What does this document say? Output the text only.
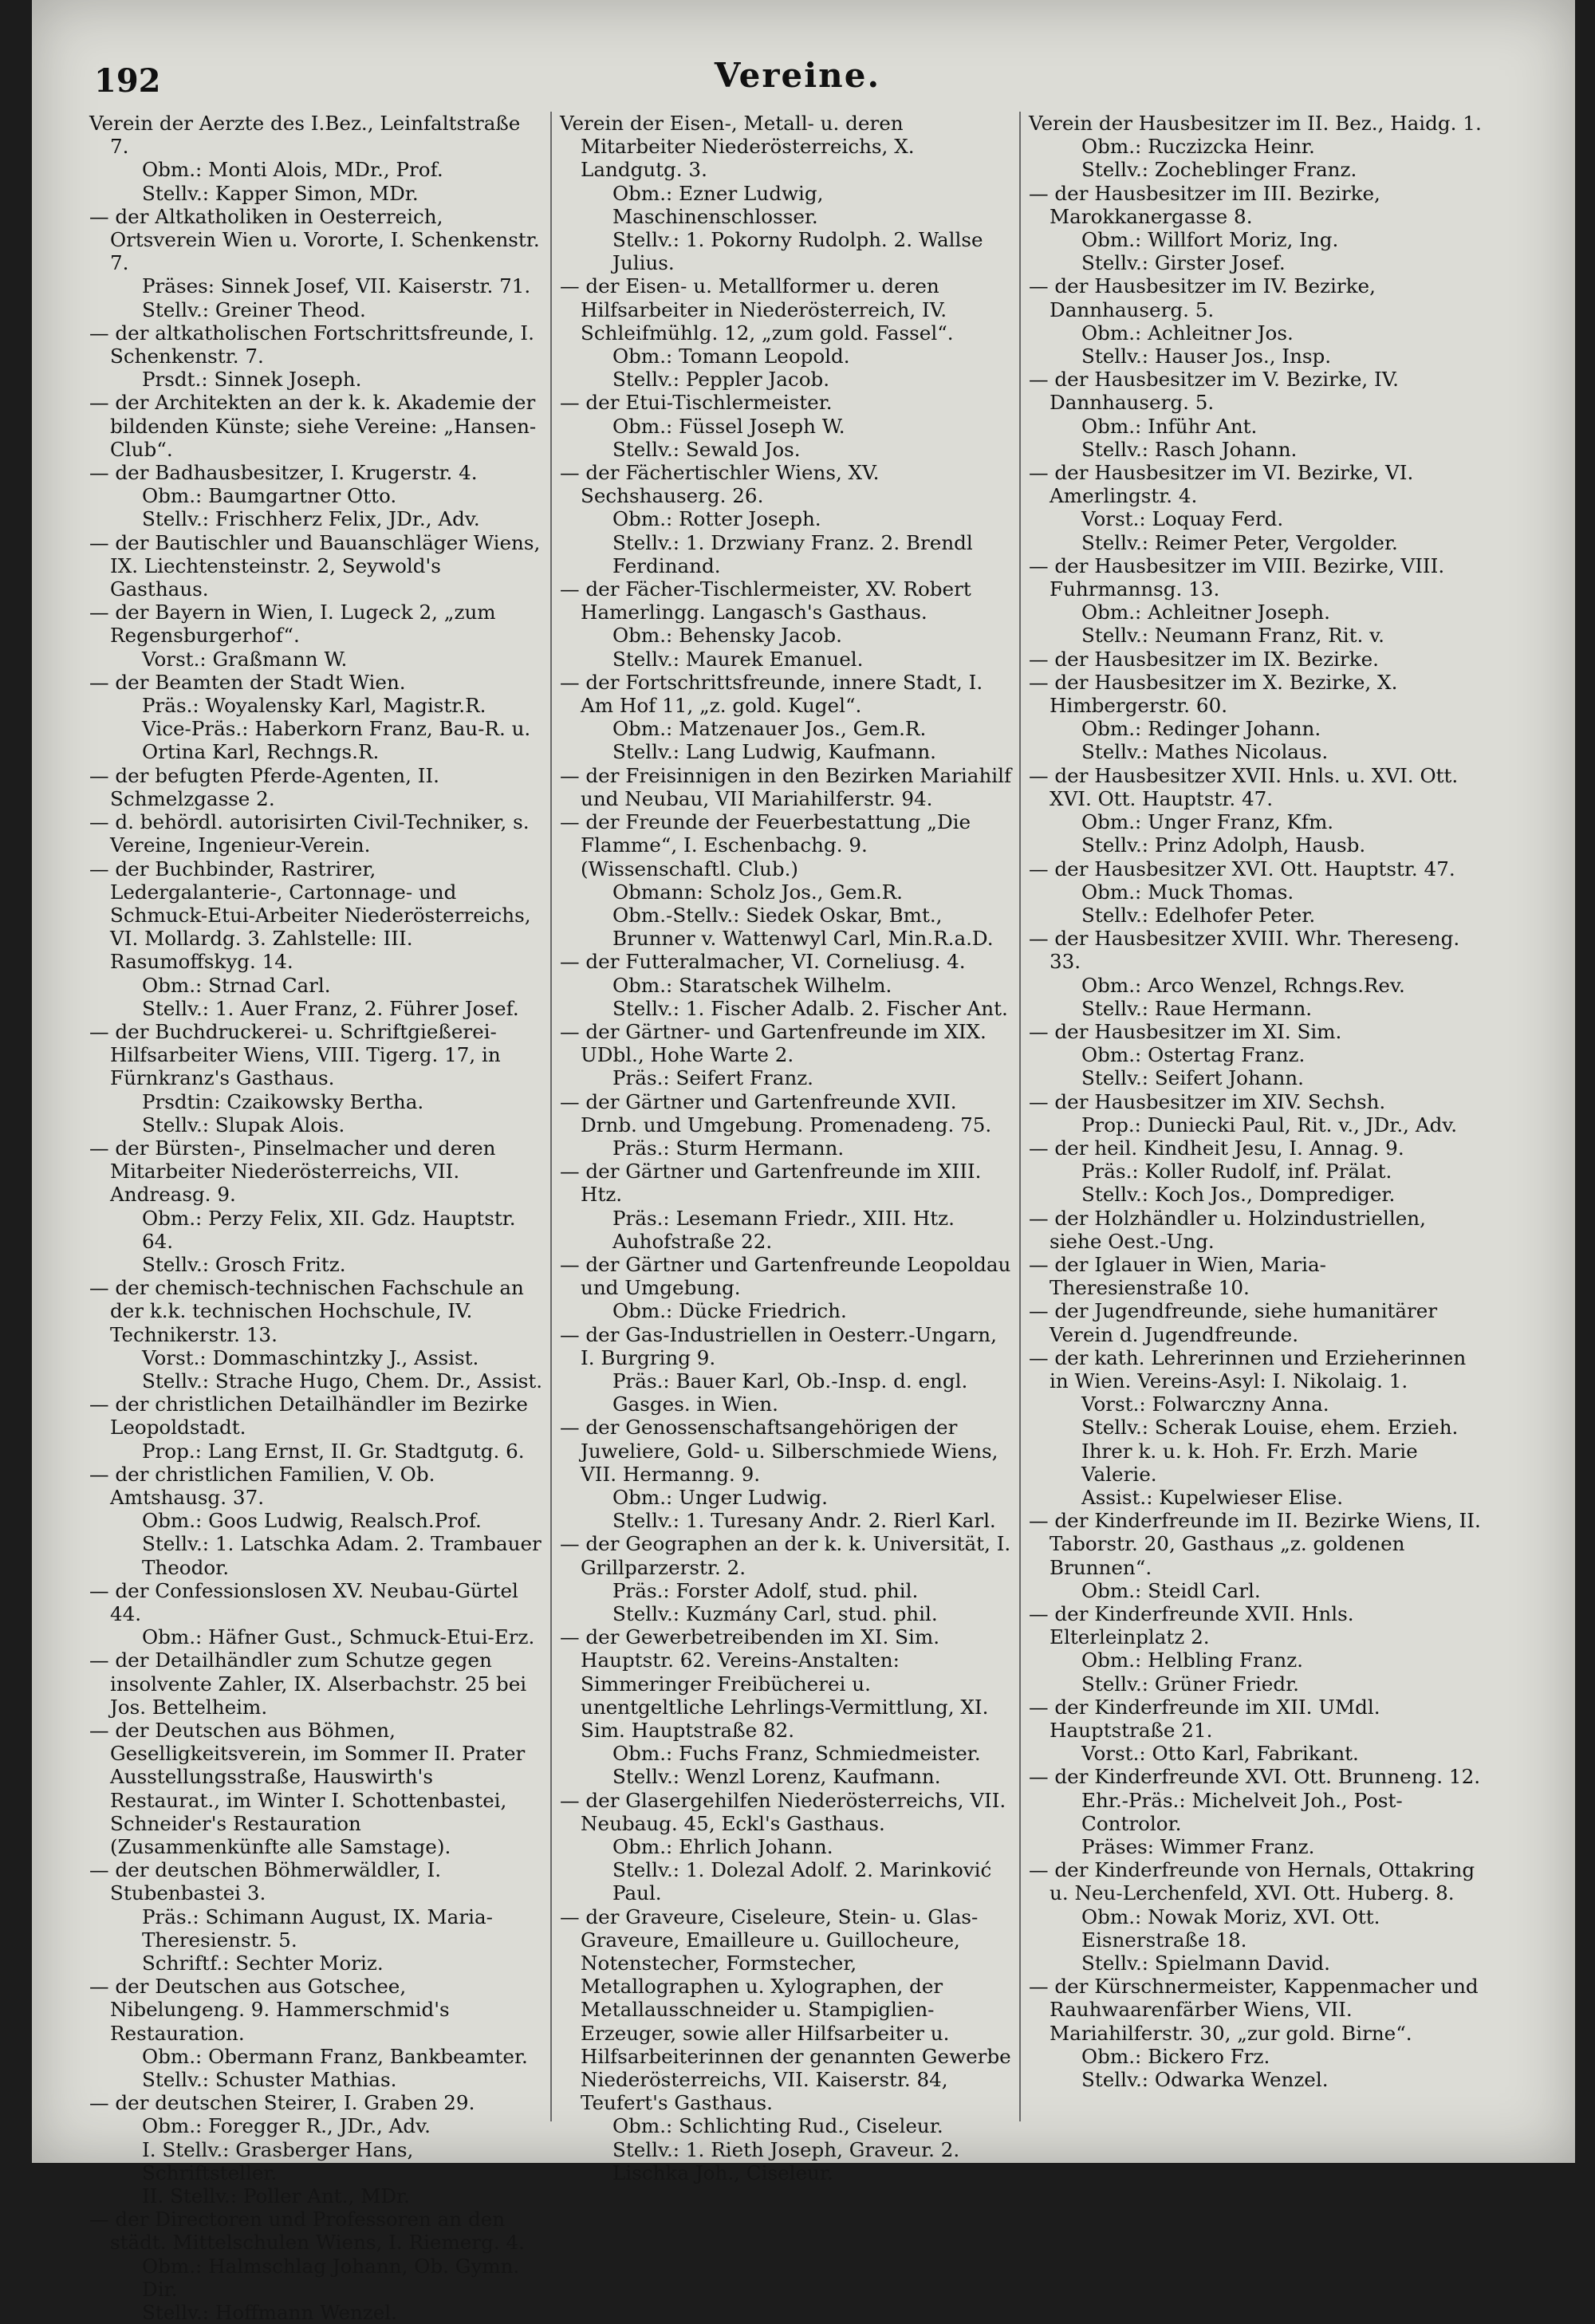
192	Vereine.
Verein der Aerzte des I.Bez., Leinfaltstraße 7.
Obm.: Monti Alois, MDr., Prof.
Stellv.: Kapper Simon, MDr.
— der Altkatholiken in Oesterreich, Ortsverein Wien u. Vororte, I. Schenkenstr. 7.
Präses: Sinnek Josef, VII. Kaiserstr. 71.
Stellv.: Greiner Theod.
— der altkatholischen Fortschrittsfreunde, I. Schenkenstr. 7.
Prsdt.: Sinnek Joseph.
— der Architekten an der k. k. Akademie der bildenden Künste; siehe Vereine: „Hansen-Club“.
— der Badhausbesitzer, I. Krugerstr. 4.
Obm.: Baumgartner Otto.
Stellv.: Frischherz Felix, JDr., Adv.
— der Bautischler und Bauanschläger Wiens, IX. Liechtensteinstr. 2, Seywold's Gasthaus.
— der Bayern in Wien, I. Lugeck 2, „zum Regensburgerhof“.
Vorst.: Graßmann W.
— der Beamten der Stadt Wien.
Präs.: Woyalensky Karl, Magistr.R.
Vice-Präs.: Haberkorn Franz, Bau-R. u. Ortina Karl, Rechngs.R.
— der befugten Pferde-Agenten, II. Schmelzgasse 2.
— d. behördl. autorisirten Civil-Techniker, s. Vereine, Ingenieur-Verein.
— der Buchbinder, Rastrirer, Ledergalanterie-, Cartonnage- und Schmuck-Etui-Arbeiter Niederösterreichs, VI. Mollardg. 3. Zahlstelle: III. Rasumoffskyg. 14.
Obm.: Strnad Carl.
Stellv.: 1. Auer Franz, 2. Führer Josef.
— der Buchdruckerei- u. Schriftgießerei-Hilfsarbeiter Wiens, VIII. Tigerg. 17, in Fürnkranz's Gasthaus.
Prsdtin: Czaikowsky Bertha.
Stellv.: Slupak Alois.
— der Bürsten-, Pinselmacher und deren Mitarbeiter Niederösterreichs, VII. Andreasg. 9.
Obm.: Perzy Felix, XII. Gdz. Hauptstr. 64.
Stellv.: Grosch Fritz.
— der chemisch-technischen Fachschule an der k.k. technischen Hochschule, IV. Technikerstr. 13.
Vorst.: Dommaschintzky J., Assist.
Stellv.: Strache Hugo, Chem. Dr., Assist.
— der christlichen Detailhändler im Bezirke Leopoldstadt.
Prop.: Lang Ernst, II. Gr. Stadtgutg. 6.
— der christlichen Familien, V. Ob. Amtshausg. 37.
Obm.: Goos Ludwig, Realsch.Prof.
Stellv.: 1. Latschka Adam. 2. Trambauer Theodor.
— der Confessionslosen XV. Neubau-Gürtel 44.
Obm.: Häfner Gust., Schmuck-Etui-Erz.
— der Detailhändler zum Schutze gegen insolvente Zahler, IX. Alserbachstr. 25 bei Jos. Bettelheim.
— der Deutschen aus Böhmen, Geselligkeitsverein, im Sommer II. Prater Ausstellungsstraße, Hauswirth's Restaurat., im Winter I. Schottenbastei, Schneider's Restauration (Zusammenkünfte alle Samstage).
— der deutschen Böhmerwäldler, I. Stubenbastei 3.
Präs.: Schimann August, IX. Maria-Theresienstr. 5.
Schriftf.: Sechter Moriz.
— der Deutschen aus Gotschee, Nibelungeng. 9. Hammerschmid's Restauration.
Obm.: Obermann Franz, Bankbeamter.
Stellv.: Schuster Mathias.
— der deutschen Steirer, I. Graben 29.
Obm.: Foregger R., JDr., Adv.
I. Stellv.: Grasberger Hans, Schriftsteller.
II. Stellv.: Poller Ant., MDr.
— der Directoren und Professoren an den städt. Mittelschulen Wiens, I. Riemerg. 4.
Obm.: Halmschlag Johann, Ob. Gymn. Dir.
Stellv.: Hoffmann Wenzel.
Verein der Eisen-, Metall- u. deren Mitarbeiter Niederösterreichs, X. Landgutg. 3.
Obm.: Ezner Ludwig, Maschinenschlosser.
Stellv.: 1. Pokorny Rudolph. 2. Wallse Julius.
— der Eisen- u. Metallformer u. deren Hilfsarbeiter in Niederösterreich, IV. Schleifmühlg. 12, „zum gold. Fassel“.
Obm.: Tomann Leopold.
Stellv.: Peppler Jacob.
— der Etui-Tischlermeister.
Obm.: Füssel Joseph W.
Stellv.: Sewald Jos.
— der Fächertischler Wiens, XV. Sechshauserg. 26.
Obm.: Rotter Joseph.
Stellv.: 1. Drzwiany Franz. 2. Brendl Ferdinand.
— der Fächer-Tischlermeister, XV. Robert Hamerlingg. Langasch's Gasthaus.
Obm.: Behensky Jacob.
Stellv.: Maurek Emanuel.
— der Fortschrittsfreunde, innere Stadt, I. Am Hof 11, „z. gold. Kugel“.
Obm.: Matzenauer Jos., Gem.R.
Stellv.: Lang Ludwig, Kaufmann.
— der Freisinnigen in den Bezirken Mariahilf und Neubau, VII Mariahilferstr. 94.
— der Freunde der Feuerbestattung „Die Flamme“, I. Eschenbachg. 9. (Wissenschaftl. Club.)
Obmann: Scholz Jos., Gem.R.
Obm.-Stellv.: Siedek Oskar, Bmt., Brunner v. Wattenwyl Carl, Min.R.a.D.
— der Futteralmacher, VI. Corneliusg. 4.
Obm.: Staratschek Wilhelm.
Stellv.: 1. Fischer Adalb. 2. Fischer Ant.
— der Gärtner- und Gartenfreunde im XIX. UDbl., Hohe Warte 2.
Präs.: Seifert Franz.
— der Gärtner und Gartenfreunde XVII. Drnb. und Umgebung. Promenadeng. 75.
Präs.: Sturm Hermann.
— der Gärtner und Gartenfreunde im XIII. Htz.
Präs.: Lesemann Friedr., XIII. Htz. Auhofstraße 22.
— der Gärtner und Gartenfreunde Leopoldau und Umgebung.
Obm.: Dücke Friedrich.
— der Gas-Industriellen in Oesterr.-Ungarn, I. Burgring 9.
Präs.: Bauer Karl, Ob.-Insp. d. engl. Gasges. in Wien.
— der Genossenschaftsangehörigen der Juweliere, Gold- u. Silberschmiede Wiens, VII. Hermanng. 9.
Obm.: Unger Ludwig.
Stellv.: 1. Turesany Andr. 2. Rierl Karl.
— der Geographen an der k. k. Universität, I. Grillparzerstr. 2.
Präs.: Forster Adolf, stud. phil.
Stellv.: Kuzmány Carl, stud. phil.
— der Gewerbetreibenden im XI. Sim. Hauptstr. 62. Vereins-Anstalten: Simmeringer Freibücherei u. unentgeltliche Lehrlings-Vermittlung, XI. Sim. Hauptstraße 82.
Obm.: Fuchs Franz, Schmiedmeister.
Stellv.: Wenzl Lorenz, Kaufmann.
— der Glasergehilfen Niederösterreichs, VII. Neubaug. 45, Eckl's Gasthaus.
Obm.: Ehrlich Johann.
Stellv.: 1. Dolezal Adolf. 2. Marinković Paul.
— der Graveure, Ciseleure, Stein- u. Glas-Graveure, Emailleure u. Guillocheure, Notenstecher, Formstecher, Metallographen u. Xylographen, der Metallausschneider u. Stampiglien-Erzeuger, sowie aller Hilfsarbeiter u. Hilfsarbeiterinnen der genannten Gewerbe Niederösterreichs, VII. Kaiserstr. 84, Teufert's Gasthaus.
Obm.: Schlichting Rud., Ciseleur.
Stellv.: 1. Rieth Joseph, Graveur. 2. Lischka Joh., Ciseleur.
Verein der Hausbesitzer im II. Bez., Haidg. 1.
Obm.: Ruczizcka Heinr.
Stellv.: Zocheblinger Franz.
— der Hausbesitzer im III. Bezirke, Marokkanergasse 8.
Obm.: Willfort Moriz, Ing.
Stellv.: Girster Josef.
— der Hausbesitzer im IV. Bezirke, Dannhauserg. 5.
Obm.: Achleitner Jos.
Stellv.: Hauser Jos., Insp.
— der Hausbesitzer im V. Bezirke, IV. Dannhauserg. 5.
Obm.: Inführ Ant.
Stellv.: Rasch Johann.
— der Hausbesitzer im VI. Bezirke, VI. Amerlingstr. 4.
Vorst.: Loquay Ferd.
Stellv.: Reimer Peter, Vergolder.
— der Hausbesitzer im VIII. Bezirke, VIII. Fuhrmannsg. 13.
Obm.: Achleitner Joseph.
Stellv.: Neumann Franz, Rit. v.
— der Hausbesitzer im IX. Bezirke.
— der Hausbesitzer im X. Bezirke, X. Himbergerstr. 60.
Obm.: Redinger Johann.
Stellv.: Mathes Nicolaus.
— der Hausbesitzer XVII. Hnls. u. XVI. Ott. XVI. Ott. Hauptstr. 47.
Obm.: Unger Franz, Kfm.
Stellv.: Prinz Adolph, Hausb.
— der Hausbesitzer XVI. Ott. Hauptstr. 47.
Obm.: Muck Thomas.
Stellv.: Edelhofer Peter.
— der Hausbesitzer XVIII. Whr. Thereseng. 33.
Obm.: Arco Wenzel, Rchngs.Rev.
Stellv.: Raue Hermann.
— der Hausbesitzer im XI. Sim.
Obm.: Ostertag Franz.
Stellv.: Seifert Johann.
— der Hausbesitzer im XIV. Sechsh.
Prop.: Duniecki Paul, Rit. v., JDr., Adv.
— der heil. Kindheit Jesu, I. Annag. 9.
Präs.: Koller Rudolf, inf. Prälat.
Stellv.: Koch Jos., Domprediger.
— der Holzhändler u. Holzindustriellen, siehe Oest.-Ung.
— der Iglauer in Wien, Maria-Theresienstraße 10.
— der Jugendfreunde, siehe humanitärer Verein d. Jugendfreunde.
— der kath. Lehrerinnen und Erzieherinnen in Wien. Vereins-Asyl: I. Nikolaig. 1.
Vorst.: Folwarczny Anna.
Stellv.: Scherak Louise, ehem. Erzieh. Ihrer k. u. k. Hoh. Fr. Erzh. Marie Valerie.
Assist.: Kupelwieser Elise.
— der Kinderfreunde im II. Bezirke Wiens, II. Taborstr. 20, Gasthaus „z. goldenen Brunnen“.
Obm.: Steidl Carl.
— der Kinderfreunde XVII. Hnls. Elterleinplatz 2.
Obm.: Helbling Franz.
Stellv.: Grüner Friedr.
— der Kinderfreunde im XII. UMdl. Hauptstraße 21.
Vorst.: Otto Karl, Fabrikant.
— der Kinderfreunde XVI. Ott. Brunneng. 12.
Ehr.-Präs.: Michelveit Joh., Post-Controlor.
Präses: Wimmer Franz.
— der Kinderfreunde von Hernals, Ottakring u. Neu-Lerchenfeld, XVI. Ott. Huberg. 8.
Obm.: Nowak Moriz, XVI. Ott. Eisnerstraße 18.
Stellv.: Spielmann David.
— der Kürschnermeister, Kappenmacher und Rauhwaarenfärber Wiens, VII. Mariahilferstr. 30, „zur gold. Birne“.
Obm.: Bickero Frz.
Stellv.: Odwarka Wenzel.
